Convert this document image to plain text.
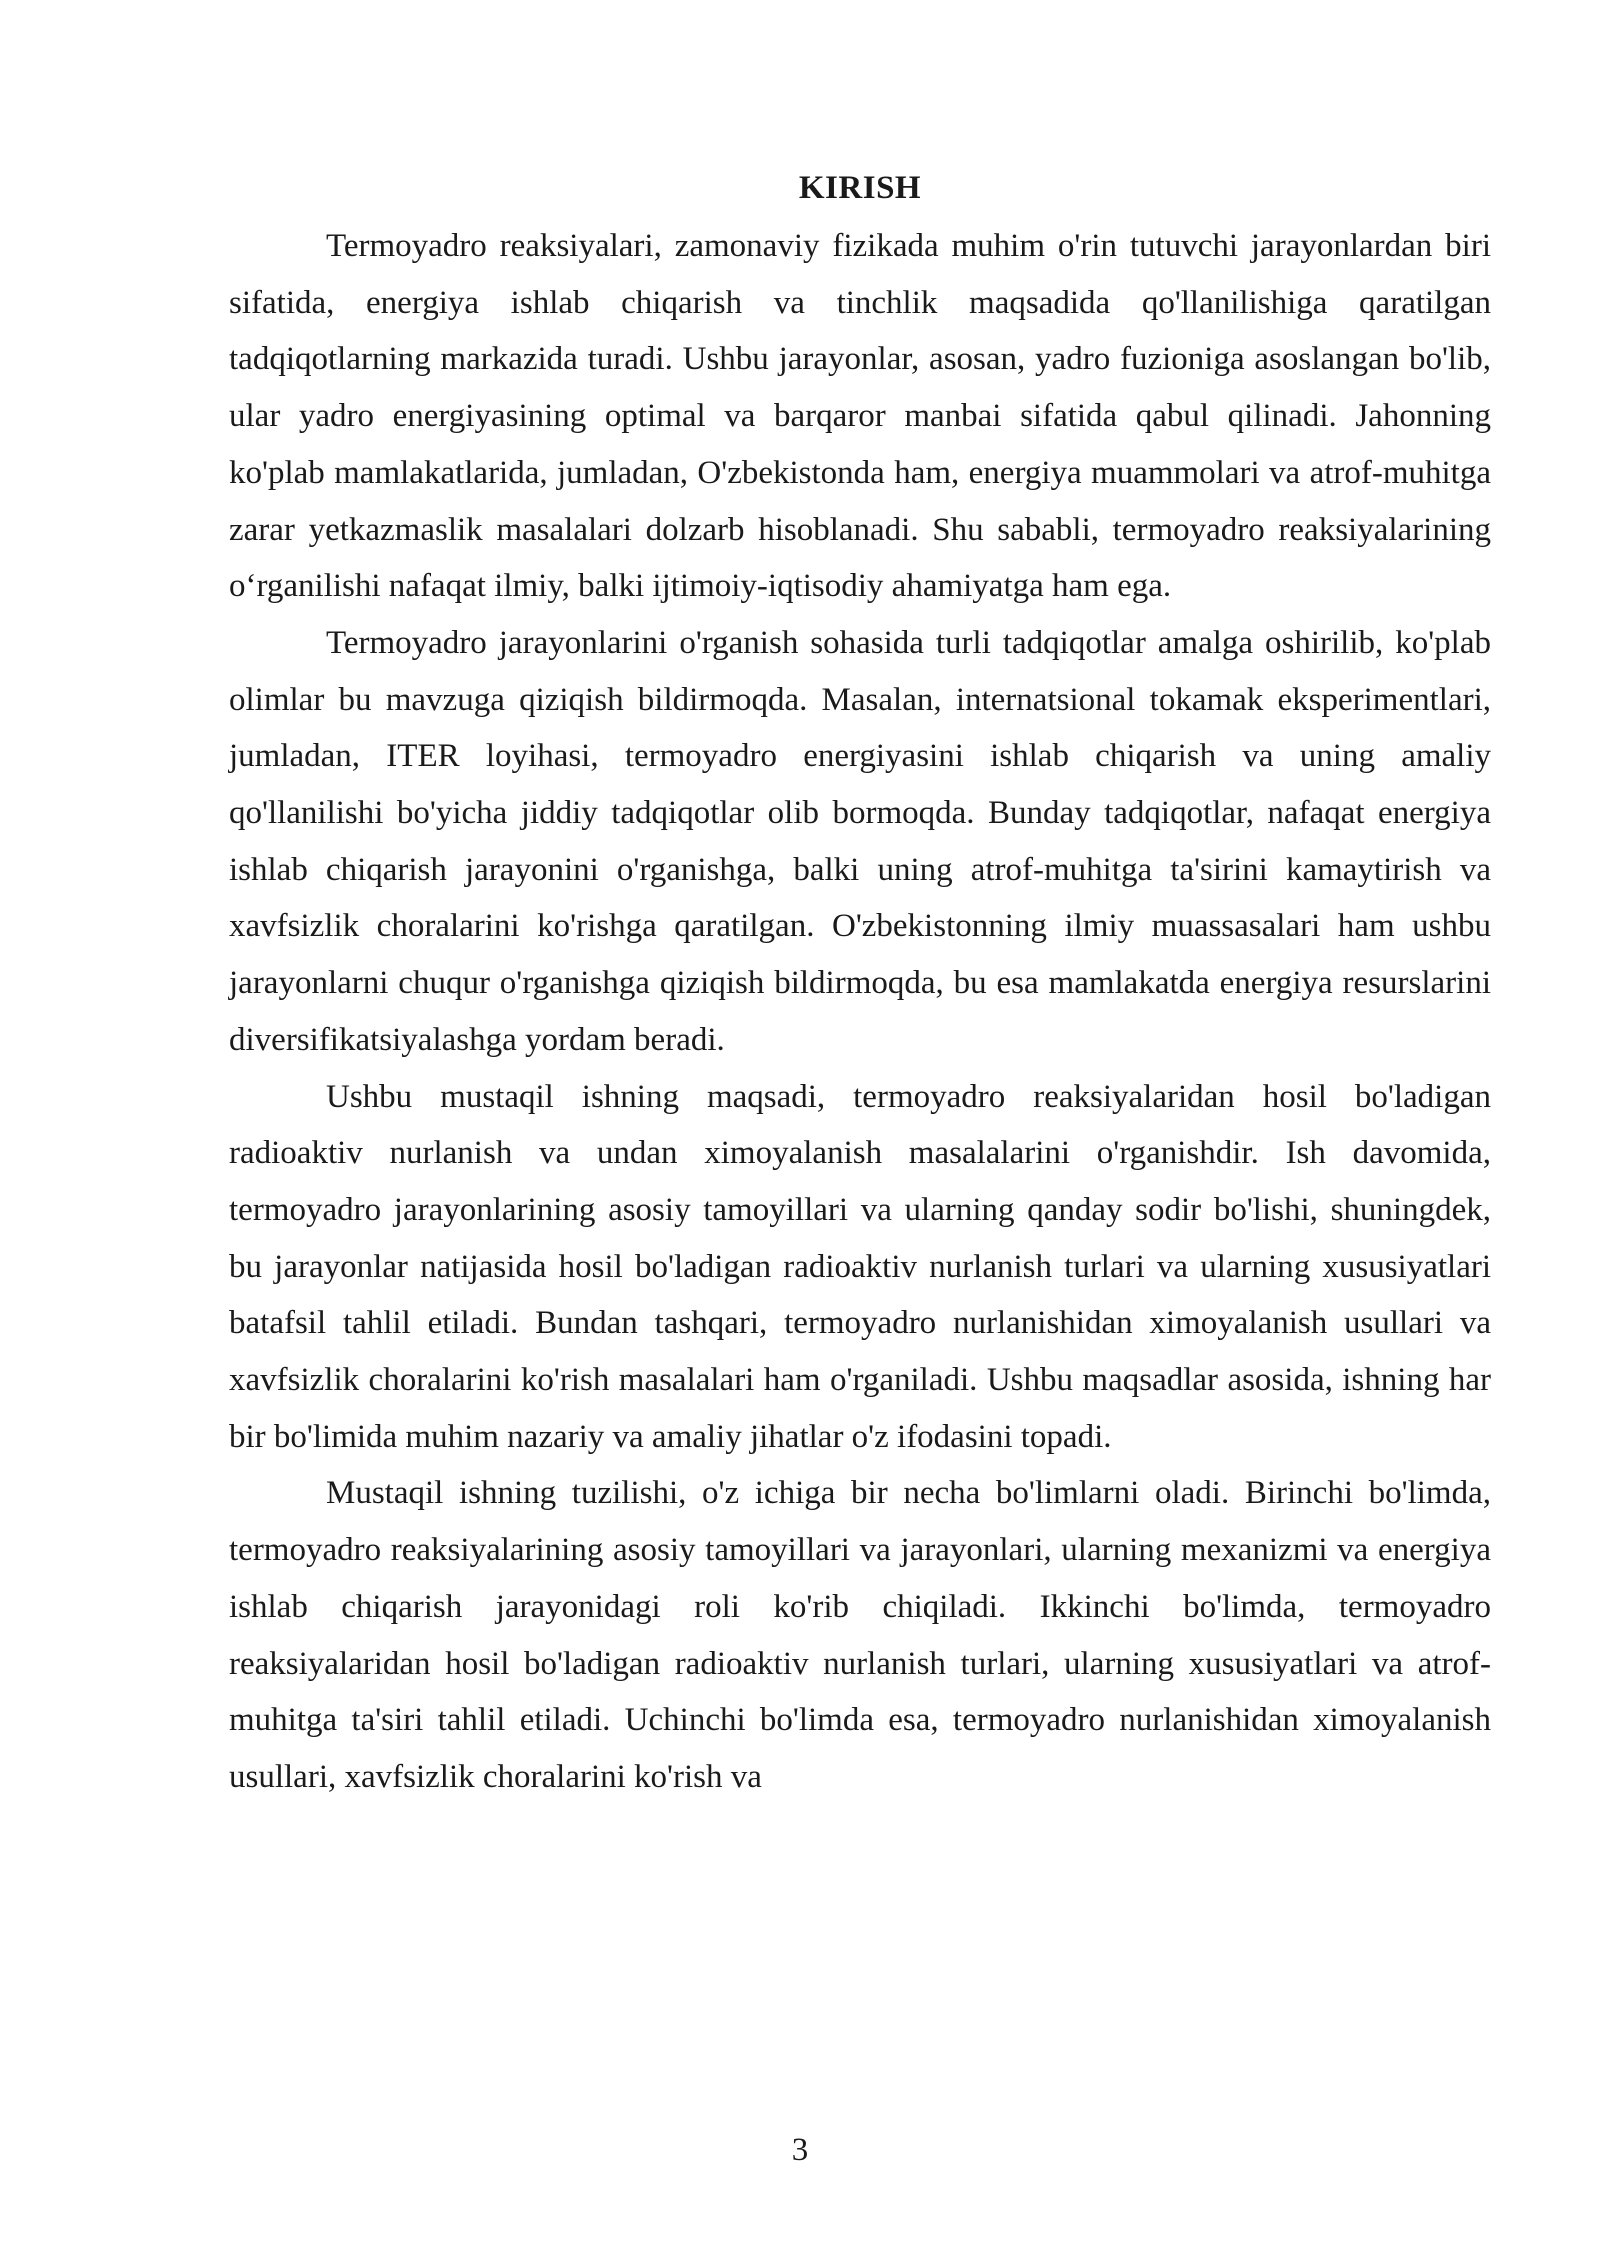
KIRISH

Termoyadro reaksiyalari, zamonaviy fizikada muhim o'rin tutuvchi jarayonlardan biri sifatida, energiya ishlab chiqarish va tinchlik maqsadida qo'llanilishiga qaratilgan tadqiqotlarning markazida turadi. Ushbu jarayonlar, asosan, yadro fuzioniga asoslangan bo'lib, ular yadro energiyasining optimal va barqaror manbai sifatida qabul qilinadi. Jahonning ko'plab mamlakatlarida, jumladan, O'zbekistonda ham, energiya muammolari va atrof-muhitga zarar yetkazmaslik masalalari dolzarb hisoblanadi. Shu sababli, termoyadro reaksiyalarining o‘rganilishi nafaqat ilmiy, balki ijtimoiy-iqtisodiy ahamiyatga ham ega.

Termoyadro jarayonlarini o'rganish sohasida turli tadqiqotlar amalga oshirilib, ko'plab olimlar bu mavzuga qiziqish bildirmoqda. Masalan, internatsional tokamak eksperimentlari, jumladan, ITER loyihasi, termoyadro energiyasini ishlab chiqarish va uning amaliy qo'llanilishi bo'yicha jiddiy tadqiqotlar olib bormoqda. Bunday tadqiqotlar, nafaqat energiya ishlab chiqarish jarayonini o'rganishga, balki uning atrof-muhitga ta'sirini kamaytirish va xavfsizlik choralarini ko'rishga qaratilgan. O'zbekistonning ilmiy muassasalari ham ushbu jarayonlarni chuqur o'rganishga qiziqish bildirmoqda, bu esa mamlakatda energiya resurslarini diversifikatsiyalashga yordam beradi.

Ushbu mustaqil ishning maqsadi, termoyadro reaksiyalaridan hosil bo'ladigan radioaktiv nurlanish va undan ximoyalanish masalalarini o'rganishdir. Ish davomida, termoyadro jarayonlarining asosiy tamoyillari va ularning qanday sodir bo'lishi, shuningdek, bu jarayonlar natijasida hosil bo'ladigan radioaktiv nurlanish turlari va ularning xususiyatlari batafsil tahlil etiladi. Bundan tashqari, termoyadro nurlanishidan ximoyalanish usullari va xavfsizlik choralarini ko'rish masalalari ham o'rganiladi. Ushbu maqsadlar asosida, ishning har bir bo'limida muhim nazariy va amaliy jihatlar o'z ifodasini topadi.

Mustaqil ishning tuzilishi, o'z ichiga bir necha bo'limlarni oladi. Birinchi bo'limda, termoyadro reaksiyalarining asosiy tamoyillari va jarayonlari, ularning mexanizmi va energiya ishlab chiqarish jarayonidagi roli ko'rib chiqiladi. Ikkinchi bo'limda, termoyadro reaksiyalaridan hosil bo'ladigan radioaktiv nurlanish turlari, ularning xususiyatlari va atrof-muhitga ta'siri tahlil etiladi. Uchinchi bo'limda esa, termoyadro nurlanishidan ximoyalanish usullari, xavfsizlik choralarini ko'rish va

3
